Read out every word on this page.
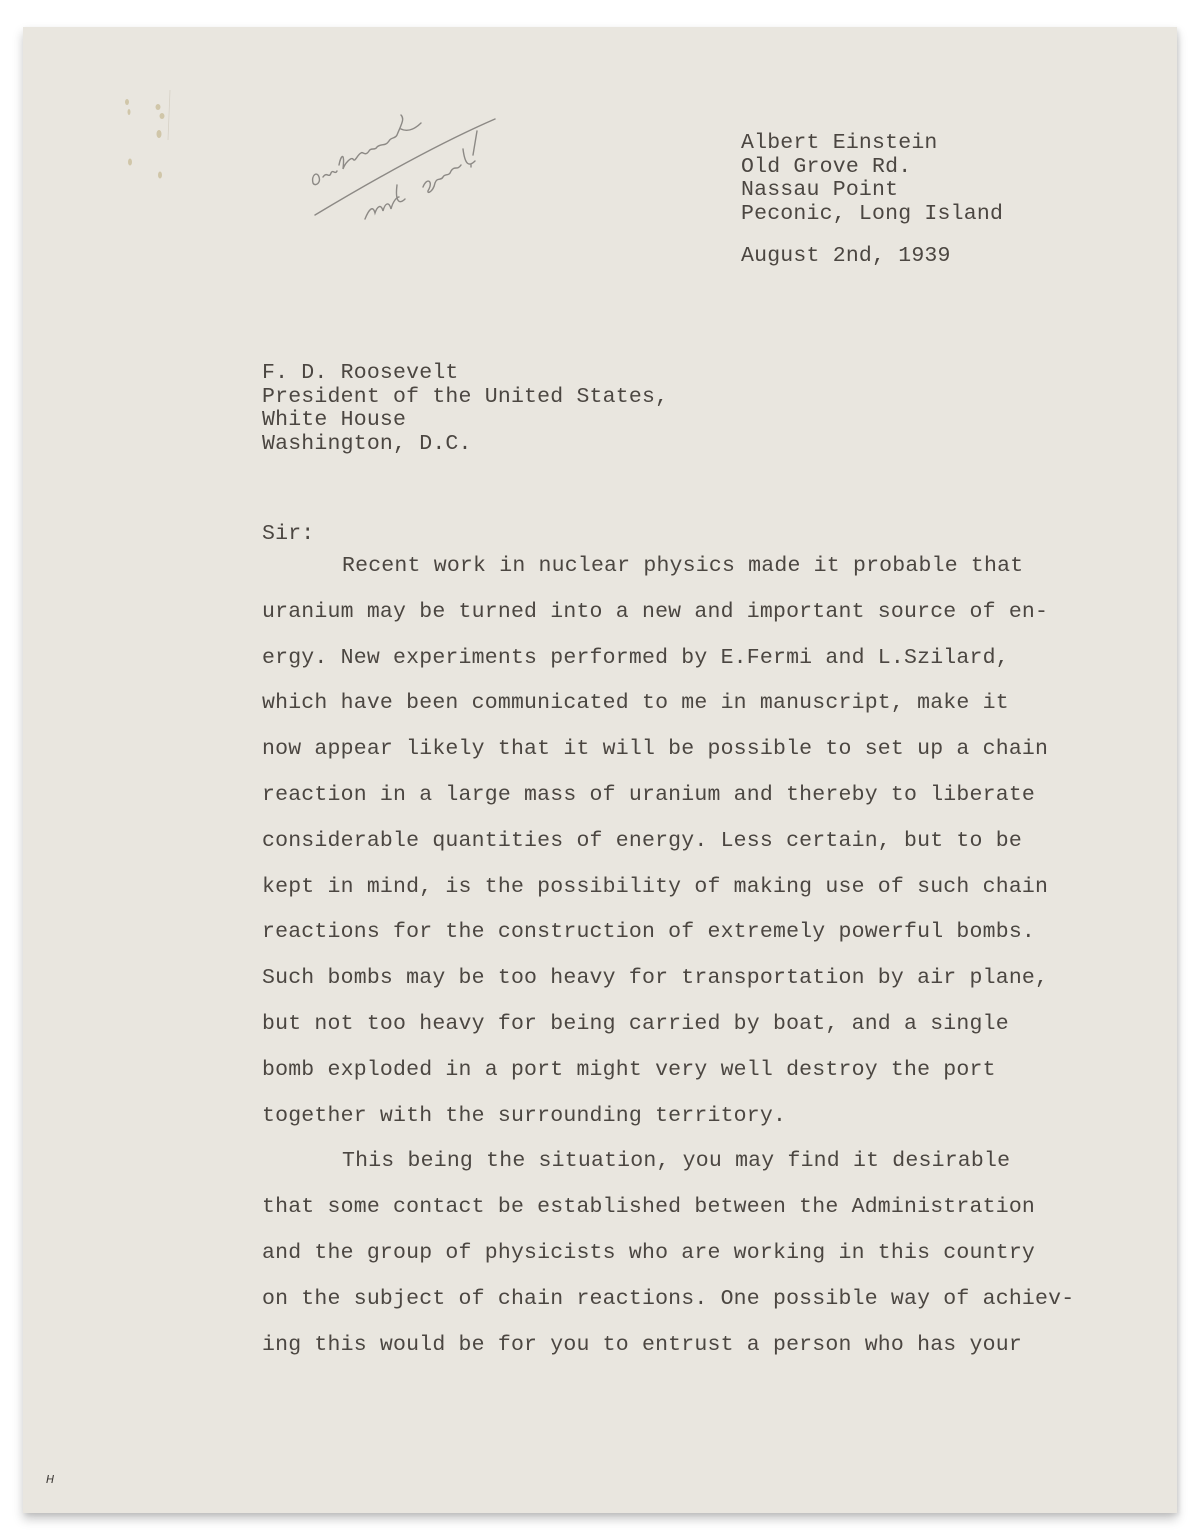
Albert Einstein
Old Grove Rd.
Nassau Point
Peconic, Long Island
August 2nd, 1939
F. D. Roosevelt
President of the United States,
White House
Washington, D.C.
Sir:
Recent work in nuclear physics made it probable that
uranium may be turned into a new and important source of en-
ergy. New experiments performed by E.Fermi and L.Szilard,
which have been communicated to me in manuscript, make it
now appear likely that it will be possible to set up a chain
reaction in a large mass of uranium and thereby to liberate
considerable quantities of energy. Less certain, but to be
kept in mind, is the possibility of making use of such chain
reactions for the construction of extremely powerful bombs.
Such bombs may be too heavy for transportation by air plane,
but not too heavy for being carried by boat, and a single
bomb exploded in a port might very well destroy the port
together with the surrounding territory.
This being the situation, you may find it desirable
that some contact be established between the Administration
and the group of physicists who are working in this country
on the subject of chain reactions. One possible way of achiev-
ing this would be for you to entrust a person who has your
H
